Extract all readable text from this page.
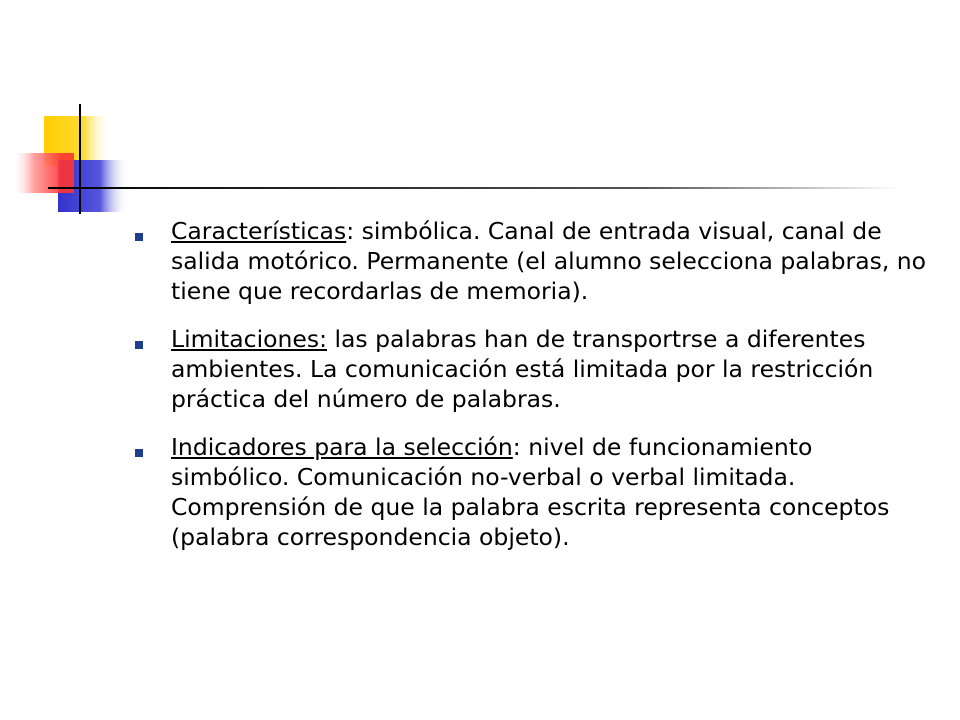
Características: simbólica. Canal de entrada visual, canal de salida motórico. Permanente (el alumno selecciona palabras, no tiene que recordarlas de memoria).
Limitaciones: las palabras han de transportrse a diferentes ambientes. La comunicación está limitada por la restricción práctica del número de palabras.
Indicadores para la selección: nivel de funcionamiento simbólico. Comunicación no-verbal o verbal limitada. Comprensión de que la palabra escrita representa conceptos (palabra correspondencia objeto).
